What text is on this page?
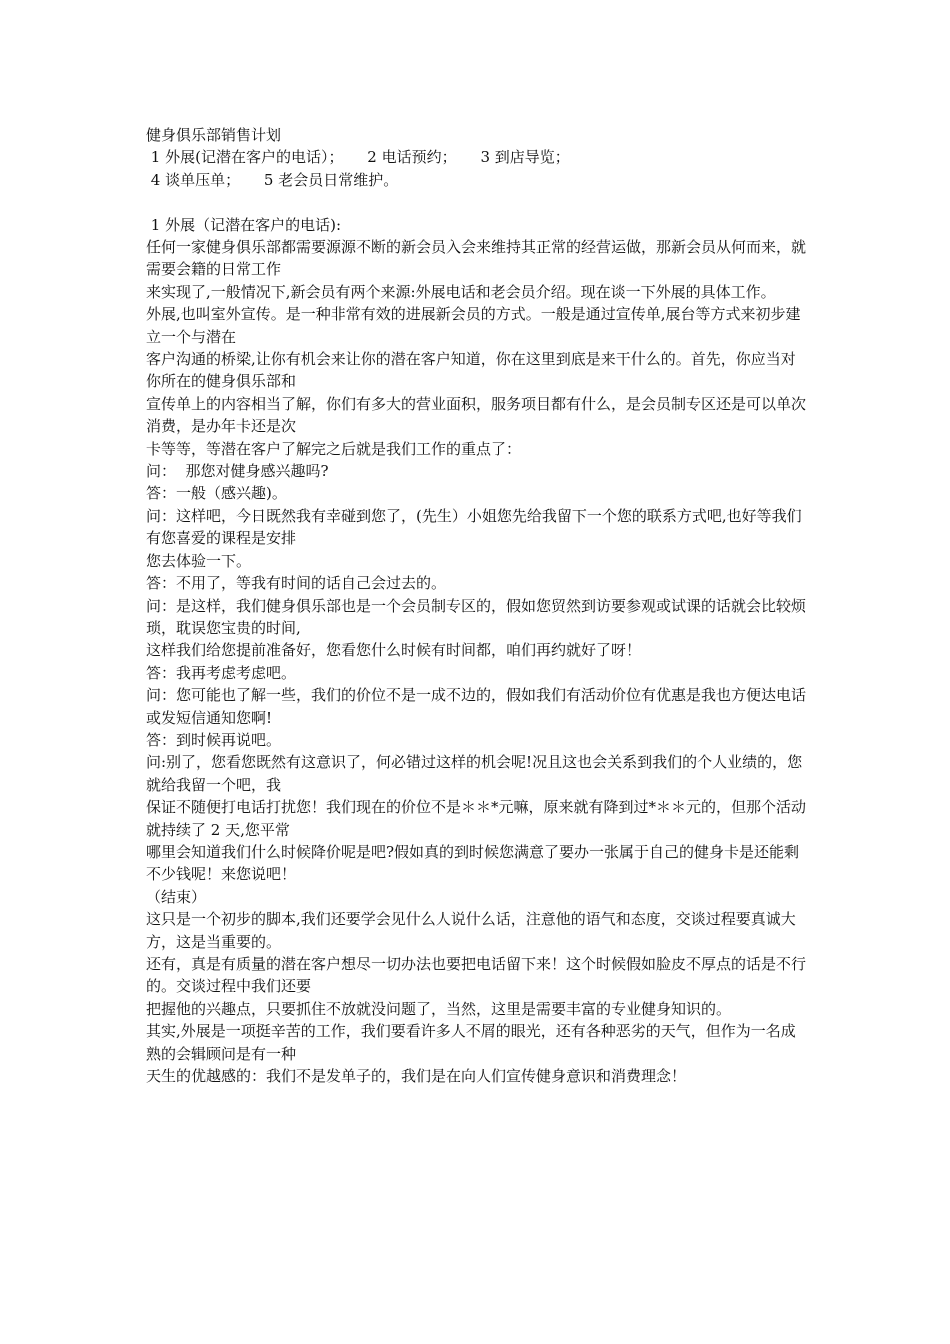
健身俱乐部销售计划

1 外展(记潜在客户的电话）；     2 电话预约；     3 到店导览；

4 谈单压单；     5 老会员日常维护。

1 外展（记潜在客户的电话):

任何一家健身俱乐部都需要源源不断的新会员入会来维持其正常的经营运做，那新会员从何而来，就需要会籍的日常工作

来实现了,一般情况下,新会员有两个来源:外展电话和老会员介绍。现在谈一下外展的具体工作。

外展,也叫室外宣传。是一种非常有效的进展新会员的方式。一般是通过宣传单,展台等方式来初步建立一个与潜在

客户沟通的桥梁,让你有机会来让你的潜在客户知道，你在这里到底是来干什么的。首先，你应当对你所在的健身俱乐部和

宣传单上的内容相当了解，你们有多大的营业面积，服务项目都有什么，是会员制专区还是可以单次消费，是办年卡还是次

卡等等，等潜在客户了解完之后就是我们工作的重点了：

问：  那您对健身感兴趣吗?

答：一般（感兴趣)。

问：这样吧，今日既然我有幸碰到您了，(先生）小姐您先给我留下一个您的联系方式吧,也好等我们有您喜爱的课程是安排

您去体验一下。

答：不用了，等我有时间的话自己会过去的。

问：是这样，我们健身俱乐部也是一个会员制专区的，假如您贸然到访要参观或试课的话就会比较烦琐，耽误您宝贵的时间,

这样我们给您提前准备好，您看您什么时候有时间都，咱们再约就好了呀！

答：我再考虑考虑吧。

问：您可能也了解一些，我们的价位不是一成不边的，假如我们有活动价位有优惠是我也方便达电话或发短信通知您啊!

答：到时候再说吧。

问:别了，您看您既然有这意识了，何必错过这样的机会呢!况且这也会关系到我们的个人业绩的，您就给我留一个吧，我

保证不随便打电话打扰您！我们现在的价位不是＊＊*元嘛，原来就有降到过*＊＊元的，但那个活动就持续了 2 天,您平常

哪里会知道我们什么时候降价呢是吧?假如真的到时候您满意了要办一张属于自己的健身卡是还能剩不少钱呢！来您说吧！

（结束）

这只是一个初步的脚本,我们还要学会见什么人说什么话，注意他的语气和态度，交谈过程要真诚大方，这是当重要的。

还有，真是有质量的潜在客户想尽一切办法也要把电话留下来！这个时候假如脸皮不厚点的话是不行的。交谈过程中我们还要

把握他的兴趣点，只要抓住不放就没问题了，当然，这里是需要丰富的专业健身知识的。

其实,外展是一项挺辛苦的工作，我们要看许多人不屑的眼光，还有各种恶劣的天气，但作为一名成熟的会辑顾问是有一种

天生的优越感的：我们不是发单子的，我们是在向人们宣传健身意识和消费理念！
